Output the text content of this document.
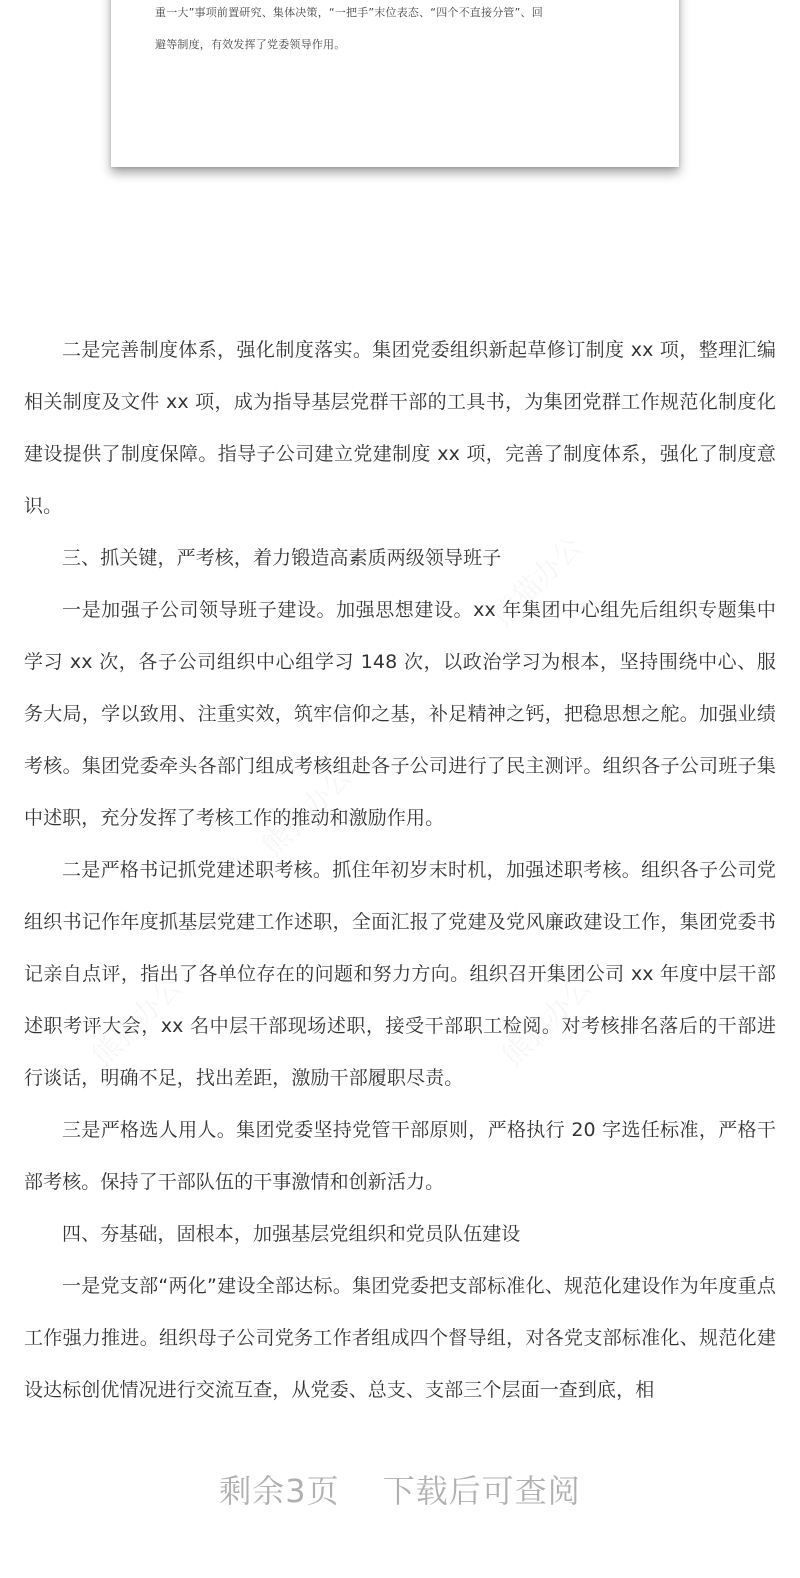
重一大”事项前置研究、集体决策，“一把手”末位表态、“四个不直接分管”、回
避等制度，有效发挥了党委领导作用。

二是完善制度体系，强化制度落实。集团党委组织新起草修订制度 xx 项，整理汇编相关制度及文件 xx 项，成为指导基层党群干部的工具书，为集团党群工作规范化制度化建设提供了制度保障。指导子公司建立党建制度 xx 项，完善了制度体系，强化了制度意识。

三、抓关键，严考核，着力锻造高素质两级领导班子

一是加强子公司领导班子建设。加强思想建设。xx 年集团中心组先后组织专题集中学习 xx 次，各子公司组织中心组学习 148 次，以政治学习为根本，坚持围绕中心、服务大局，学以致用、注重实效，筑牢信仰之基，补足精神之钙，把稳思想之舵。加强业绩考核。集团党委牵头各部门组成考核组赴各子公司进行了民主测评。组织各子公司班子集中述职，充分发挥了考核工作的推动和激励作用。

二是严格书记抓党建述职考核。抓住年初岁末时机，加强述职考核。组织各子公司党组织书记作年度抓基层党建工作述职，全面汇报了党建及党风廉政建设工作，集团党委书记亲自点评，指出了各单位存在的问题和努力方向。组织召开集团公司 xx 年度中层干部述职考评大会，xx 名中层干部现场述职，接受干部职工检阅。对考核排名落后的干部进行谈话，明确不足，找出差距，激励干部履职尽责。

三是严格选人用人。集团党委坚持党管干部原则，严格执行 20 字选任标准，严格干部考核。保持了干部队伍的干事激情和创新活力。

四、夯基础，固根本，加强基层党组织和党员队伍建设

一是党支部“两化”建设全部达标。集团党委把支部标准化、规范化建设作为年度重点工作强力推进。组织母子公司党务工作者组成四个督导组，对各党支部标准化、规范化建设达标创优情况进行交流互查，从党委、总支、支部三个层面一查到底，相

剩余3页 下载后可查阅
